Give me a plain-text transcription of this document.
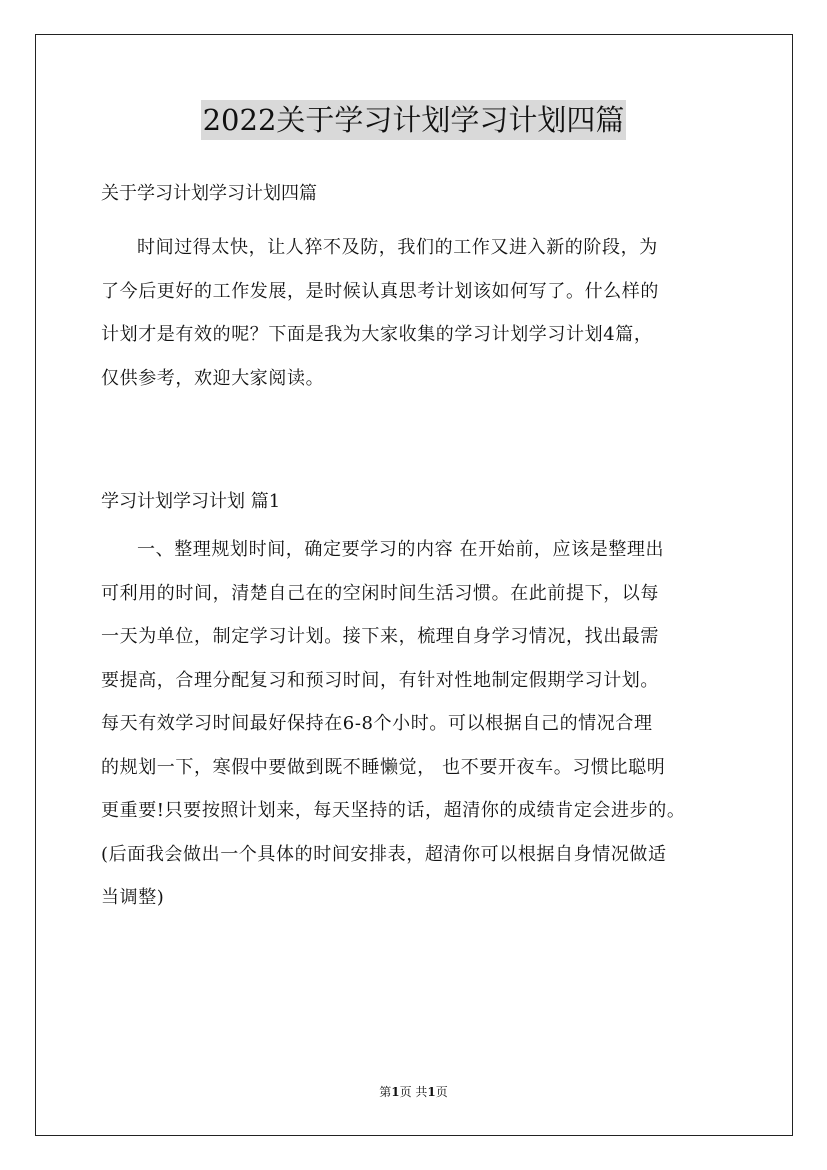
2022关于学习计划学习计划四篇

关于学习计划学习计划四篇

时间过得太快，让人猝不及防，我们的工作又进入新的阶段，为
了今后更好的工作发展，是时候认真思考计划该如何写了。什么样的
计划才是有效的呢？下面是我为大家收集的学习计划学习计划4篇，
仅供参考，欢迎大家阅读。

学习计划学习计划 篇1

一、整理规划时间，确定要学习的内容 在开始前，应该是整理出
可利用的时间，清楚自己在的空闲时间生活习惯。在此前提下，以每
一天为单位，制定学习计划。接下来，梳理自身学习情况，找出最需
要提高，合理分配复习和预习时间，有针对性地制定假期学习计划。
每天有效学习时间最好保持在6-8个小时。可以根据自己的情况合理
的规划一下，寒假中要做到既不睡懒觉， 也不要开夜车。习惯比聪明
更重要!只要按照计划来，每天坚持的话，超清你的成绩肯定会进步的。
(后面我会做出一个具体的时间安排表，超清你可以根据自身情况做适
当调整)

第1页 共1页
